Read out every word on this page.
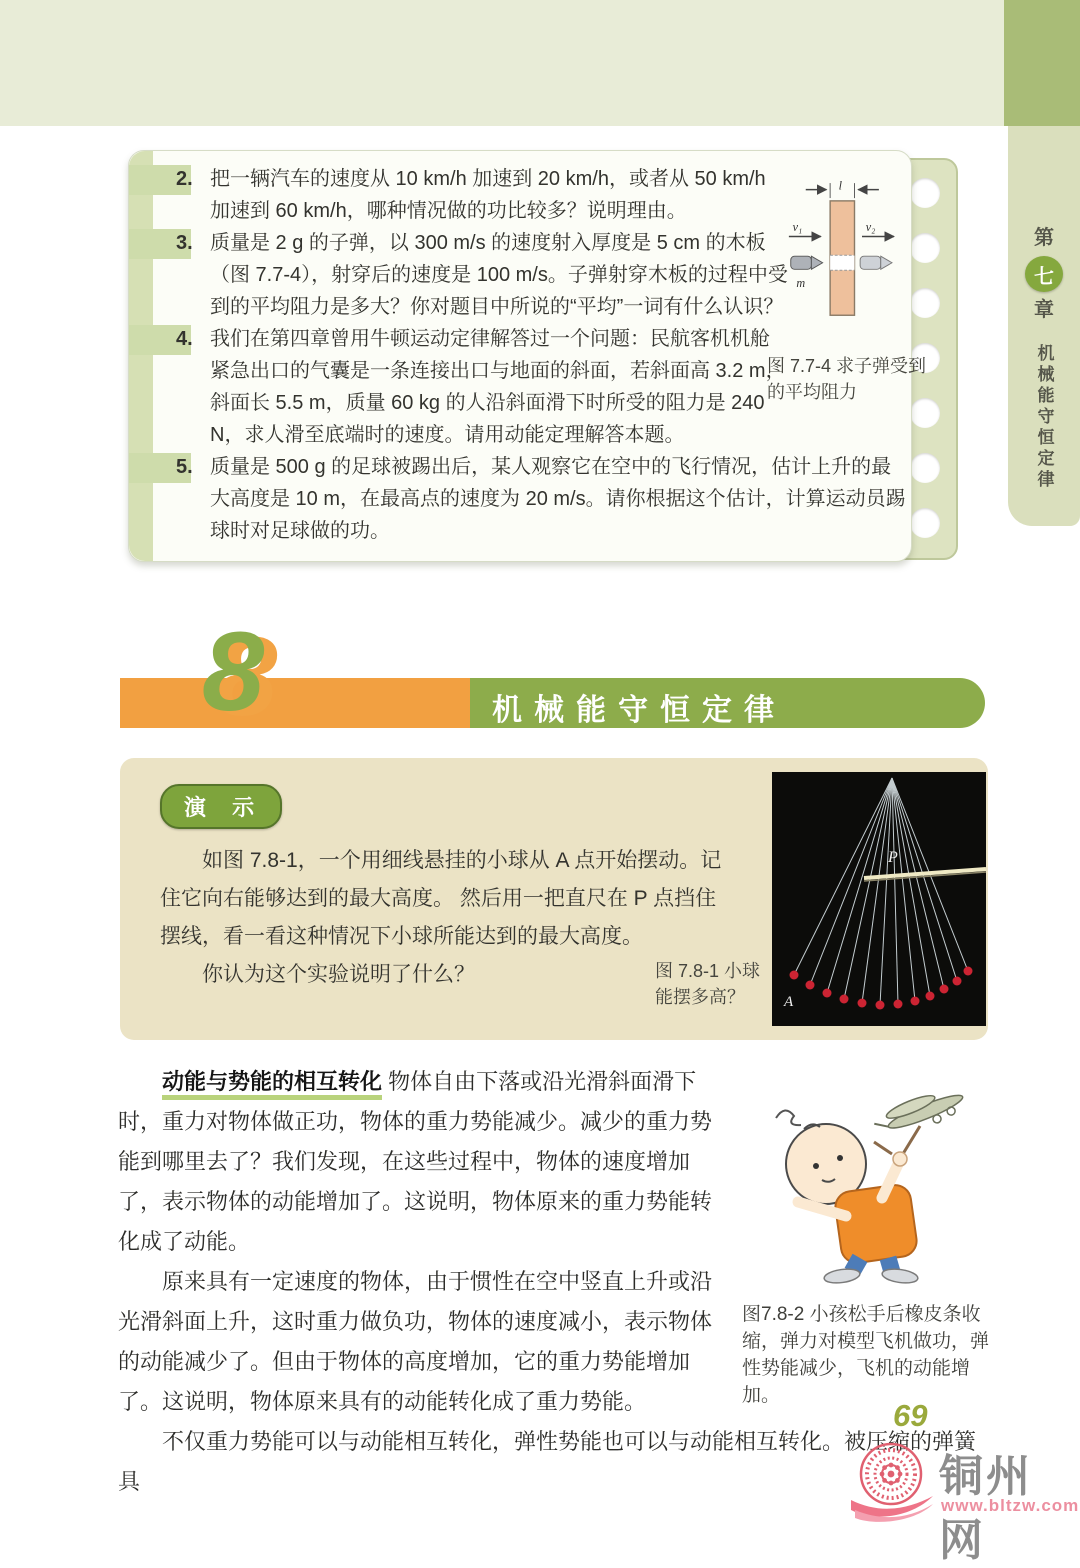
第
七
章
机械能守恒定律
2. 把一辆汽车的速度从 10 km/h 加速到 20 km/h，或者从 50 km/h 加速到 60 km/h，哪种情况做的功比较多？说明理由。
3. 质量是 2 g 的子弹，以 300 m/s 的速度射入厚度是 5 cm 的木板（图 7.7-4），射穿后的速度是 100 m/s。子弹射穿木板的过程中受到的平均阻力是多大？你对题目中所说的“平均”一词有什么认识？
4. 我们在第四章曾用牛顿运动定律解答过一个问题：民航客机机舱紧急出口的气囊是一条连接出口与地面的斜面，若斜面高 3.2 m，斜面长 5.5 m，质量 60 kg 的人沿斜面滑下时所受的阻力是 240 N，求人滑至底端时的速度。请用动能定理解答本题。
5. 质量是 500 g 的足球被踢出后，某人观察它在空中的飞行情况，估计上升的最大高度是 10 m，在最高点的速度为 20 m/s。请你根据这个估计，计算运动员踢球时对足球做的功。
l
v₁
m
v₂
图 7.7-4 求子弹受到的平均阻力
8	机械能守恒定律
演 示

如图 7.8-1，一个用细线悬挂的小球从 A 点开始摆动。记住它向右能够达到的最大高度。 然后用一把直尺在 P 点挡住摆线，看一看这种情况下小球所能达到的最大高度。

你认为这个实验说明了什么？	图 7.8-1 小球能摆多高？
P
A
图7.8-2 小孩松手后橡皮条收缩，弹力对模型飞机做功，弹性势能减少，飞机的动能增加。

动能与势能的相互转化 物体自由下落或沿光滑斜面滑下时，重力对物体做正功，物体的重力势能减少。减少的重力势能到哪里去了？我们发现，在这些过程中，物体的速度增加了，表示物体的动能增加了。这说明，物体原来的重力势能转化成了动能。

原来具有一定速度的物体，由于惯性在空中竖直上升或沿光滑斜面上升，这时重力做负功，物体的速度减小，表示物体的动能减少了。但由于物体的高度增加，它的重力势能增加了。这说明，物体原来具有的动能转化成了重力势能。

不仅重力势能可以与动能相互转化，弹性势能也可以与动能相互转化。被压缩的弹簧具

69
铜州网
www.bltzw.com
